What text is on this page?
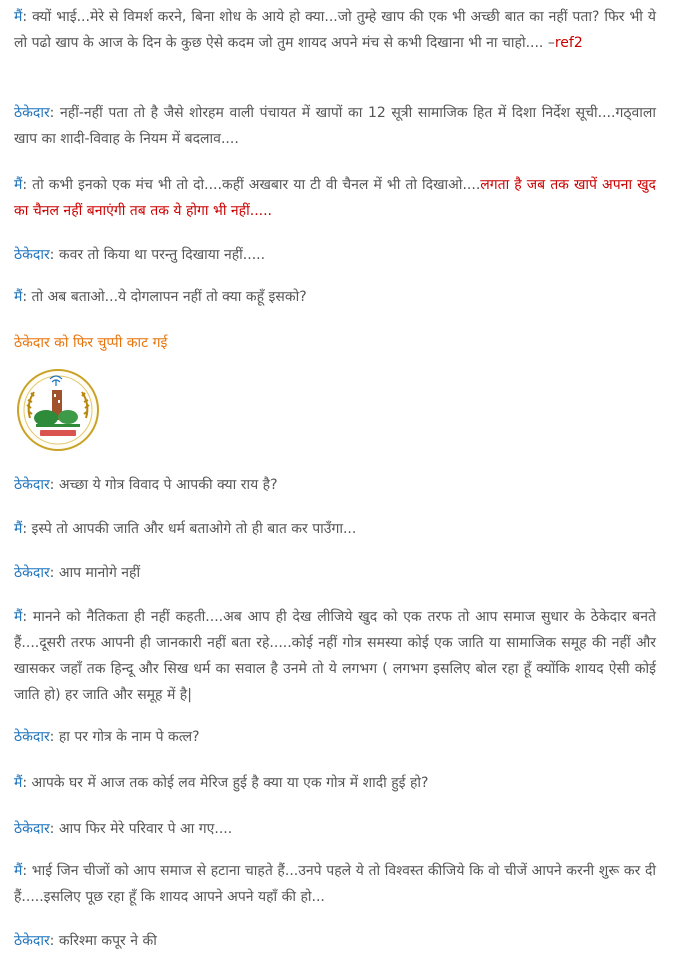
मैं: क्यों भाई...मेरे से विमर्श करने, बिना शोध के आये हो क्या...जो तुम्हे खाप की एक भी अच्छी बात का नहीं पता? फिर भी ये लो पढो खाप के आज के दिन के कुछ ऐसे कदम जो तुम शायद अपने मंच से कभी दिखाना भी ना चाहो.... –ref2

ठेकेदार: नहीं-नहीं पता तो है जैसे शोरहम वाली पंचायत में खापों का 12 सूत्री सामाजिक हित में दिशा निर्देश सूची....गठ्वाला खाप का शादी-विवाह के नियम में बदलाव....

मैं: तो कभी इनको एक मंच भी तो दो....कहीं अखबार या टी वी चैनल में भी तो दिखाओ....लगता है जब तक खापें अपना खुद का चैनल नहीं बनाएंगी तब तक ये होगा भी नहीं.....

ठेकेदार: कवर तो किया था परन्तु दिखाया नहीं.....

मैं: तो अब बताओ...ये दोगलापन नहीं तो क्या कहूँ इसको?

ठेकेदार को फिर चुप्पी काट गई

ठेकेदार: अच्छा ये गोत्र विवाद पे आपकी क्या राय है?

मैं: इस्पे तो आपकी जाति और धर्म बताओगे तो ही बात कर पाउँगा...

ठेकेदार: आप मानोगे नहीं

मैं: मानने को नैतिकता ही नहीं कहती....अब आप ही देख लीजिये खुद को एक तरफ तो आप समाज सुधार के ठेकेदार बनते हैं....दूसरी तरफ आपनी ही जानकारी नहीं बता रहे.....कोई नहीं गोत्र समस्या कोई एक जाति या सामाजिक समूह की नहीं और खासकर जहाँ तक हिन्दू और सिख धर्म का सवाल है उनमे तो ये लगभग ( लगभग इसलिए बोल रहा हूँ क्योंकि शायद ऐसी कोई जाति हो) हर जाति और समूह में है|

ठेकेदार: हा पर गोत्र के नाम पे कत्ल?

मैं: आपके घर में आज तक कोई लव मेरिज हुई है क्या या एक गोत्र में शादी हुई हो?

ठेकेदार: आप फिर मेरे परिवार पे आ गए....

मैं: भाई जिन चीजों को आप समाज से हटाना चाहते हैं...उनपे पहले ये तो विश्वस्त कीजिये कि वो चीजें आपने करनी शुरू कर दी हैं.....इसलिए पूछ रहा हूँ कि शायद आपने अपने यहाँ की हो...

ठेकेदार: करिश्मा कपूर ने की
